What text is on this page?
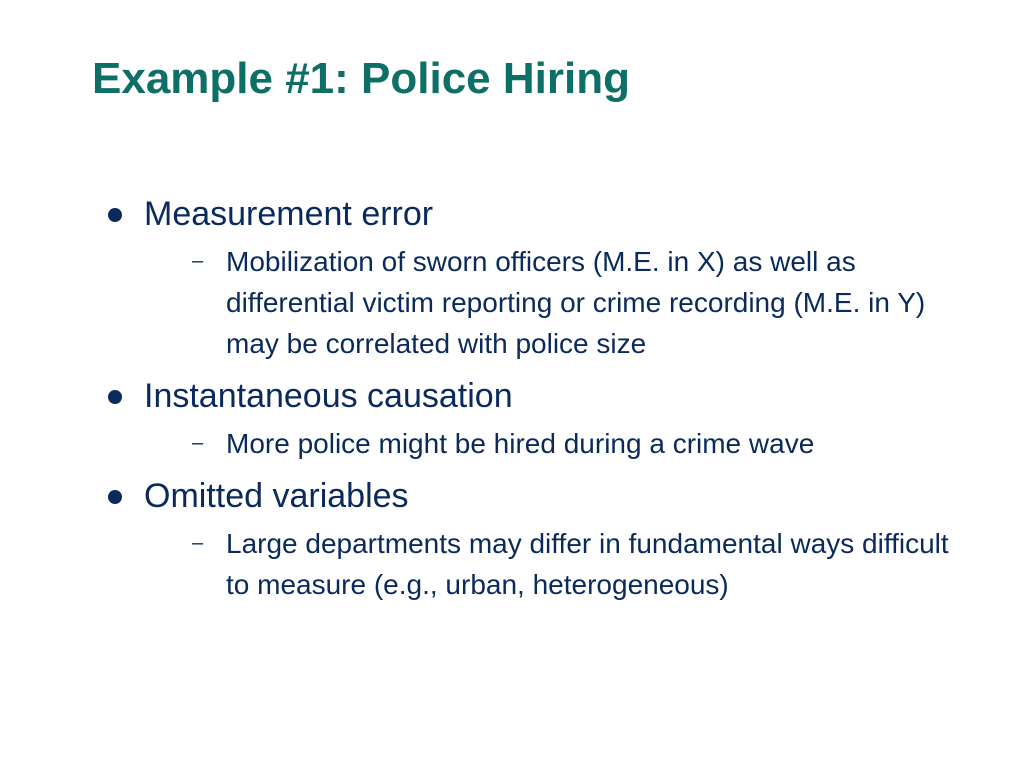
Example #1: Police Hiring
Measurement error
– Mobilization of sworn officers (M.E. in X) as well as differential victim reporting or crime recording (M.E. in Y) may be correlated with police size
Instantaneous causation
– More police might be hired during a crime wave
Omitted variables
– Large departments may differ in fundamental ways difficult to measure (e.g., urban, heterogeneous)
